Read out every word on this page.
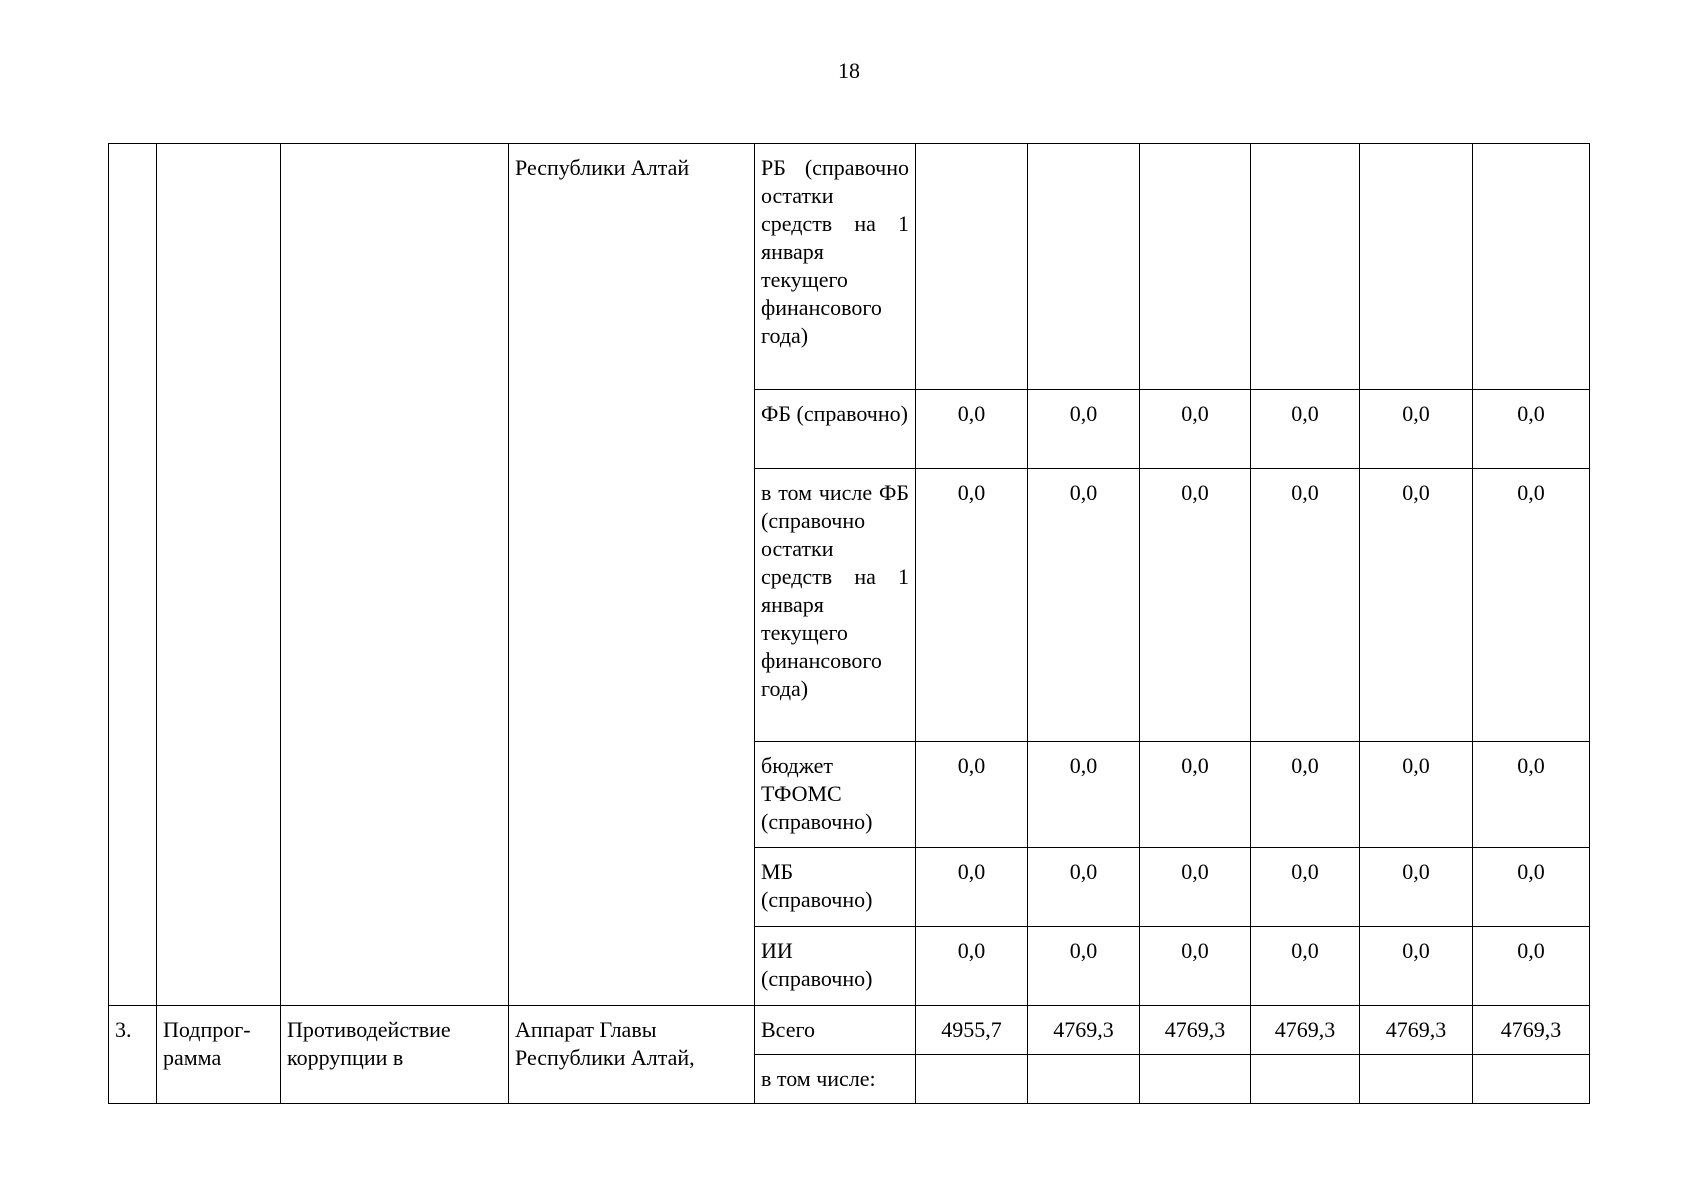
18
			Республики Алтай	РБ (справочно остатки средств на 1 января текущего финансового года)						
				ФБ (справочно)	0,0	0,0	0,0	0,0	0,0	0,0
				в том числе ФБ (справочно остатки средств на 1 января текущего финансового года)	0,0	0,0	0,0	0,0	0,0	0,0
				бюджет ТФОМС (справочно)	0,0	0,0	0,0	0,0	0,0	0,0
				МБ (справочно)	0,0	0,0	0,0	0,0	0,0	0,0
				ИИ (справочно)	0,0	0,0	0,0	0,0	0,0	0,0
3.	Подпрог-рамма	Противодействие коррупции в	Аппарат Главы Республики Алтай,	Всего	4955,7	4769,3	4769,3	4769,3	4769,3	4769,3
				в том числе:						
